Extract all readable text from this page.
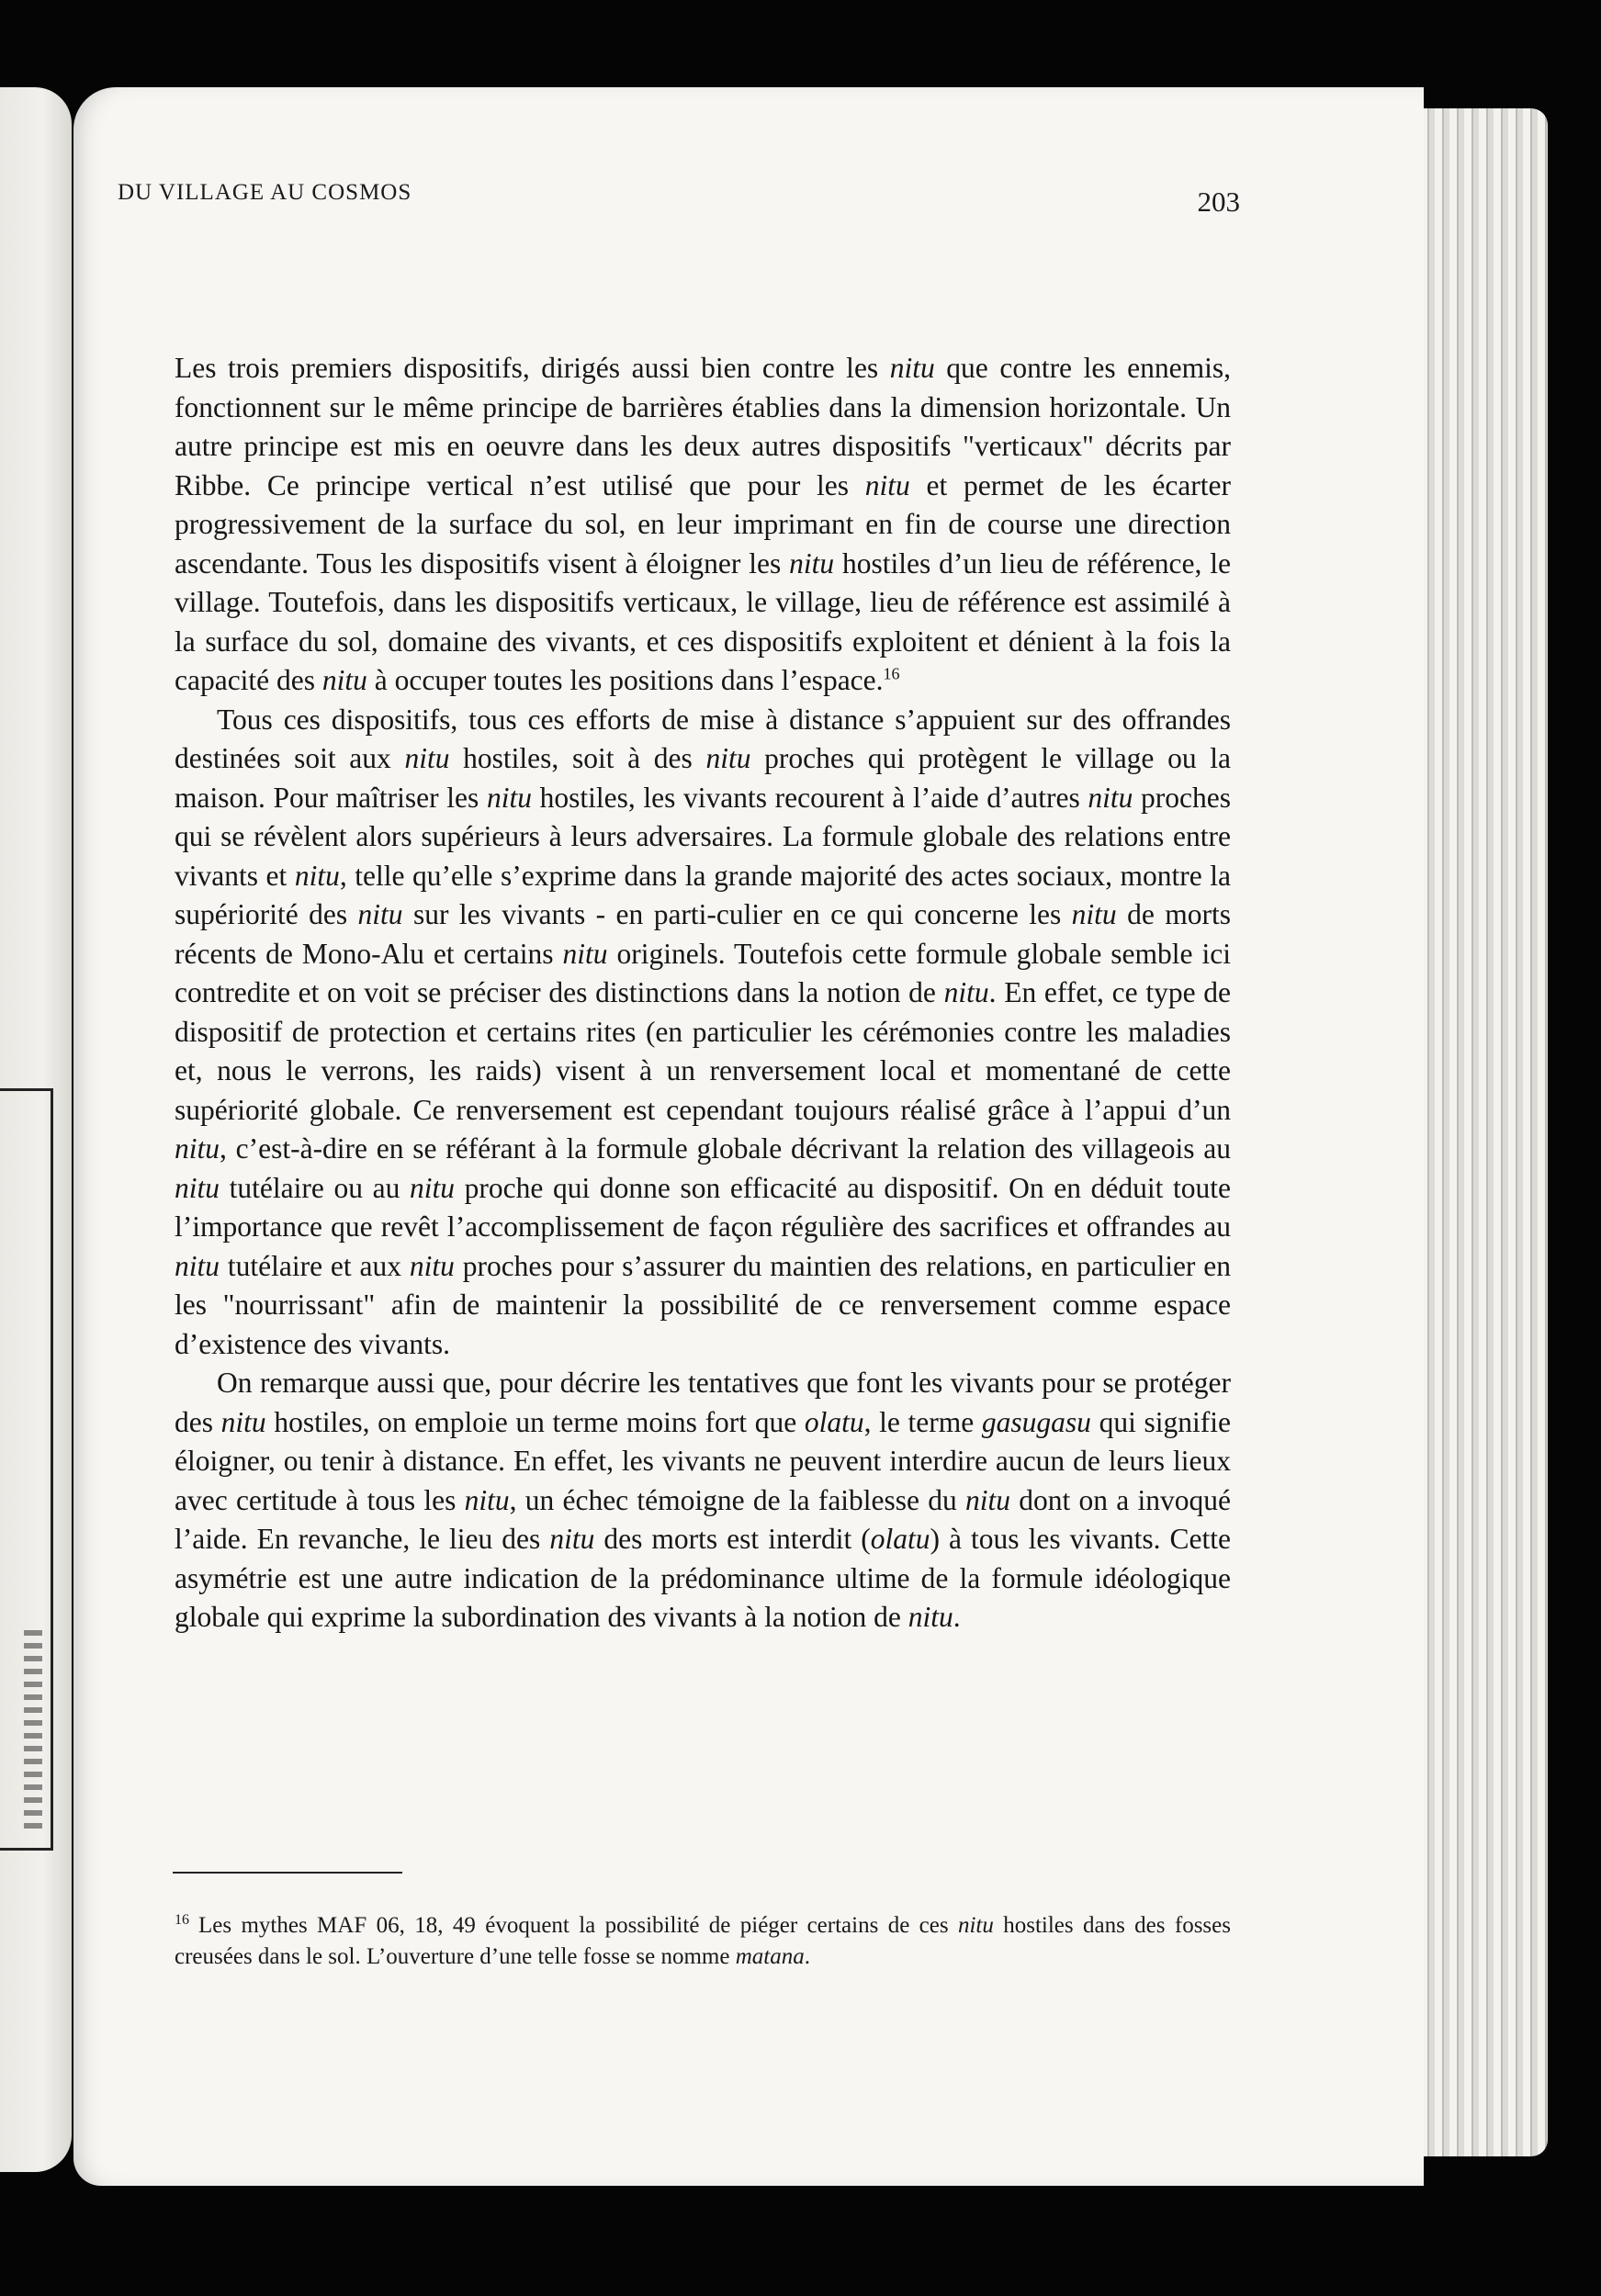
DU VILLAGE AU COSMOS	203

Les trois premiers dispositifs, dirigés aussi bien contre les nitu que contre les ennemis, fonctionnent sur le même principe de barrières établies dans la dimension horizontale. Un autre principe est mis en oeuvre dans les deux autres dispositifs "verticaux" décrits par Ribbe. Ce principe vertical n’est utilisé que pour les nitu et permet de les écarter progressivement de la surface du sol, en leur imprimant en fin de course une direction ascendante. Tous les dispositifs visent à éloigner les nitu hostiles d’un lieu de référence, le village. Toutefois, dans les dispositifs verticaux, le village, lieu de référence est assimilé à la surface du sol, domaine des vivants, et ces dispositifs exploitent et dénient à la fois la capacité des nitu à occuper toutes les positions dans l’espace.$^{16}$

Tous ces dispositifs, tous ces efforts de mise à distance s’appuient sur des offrandes destinées soit aux nitu hostiles, soit à des nitu proches qui protègent le village ou la maison. Pour maîtriser les nitu hostiles, les vivants recourent à l’aide d’autres nitu proches qui se révèlent alors supérieurs à leurs adversaires. La formule globale des relations entre vivants et nitu, telle qu’elle s’exprime dans la grande majorité des actes sociaux, montre la supériorité des nitu sur les vivants - en parti-culier en ce qui concerne les nitu de morts récents de Mono-Alu et certains nitu originels. Toutefois cette formule globale semble ici contredite et on voit se préciser des distinctions dans la notion de nitu. En effet, ce type de dispositif de protection et certains rites (en particulier les cérémonies contre les maladies et, nous le verrons, les raids) visent à un renversement local et momentané de cette supériorité globale. Ce renversement est cependant toujours réalisé grâce à l’appui d’un nitu, c’est-à-dire en se référant à la formule globale décrivant la relation des villageois au nitu tutélaire ou au nitu proche qui donne son efficacité au dispositif. On en déduit toute l’importance que revêt l’accomplissement de façon régulière des sacrifices et offrandes au nitu tutélaire et aux nitu proches pour s’assurer du maintien des relations, en particulier en les "nourrissant" afin de maintenir la possibilité de ce renversement comme espace d’existence des vivants.

On remarque aussi que, pour décrire les tentatives que font les vivants pour se protéger des nitu hostiles, on emploie un terme moins fort que olatu, le terme gasugasu qui signifie éloigner, ou tenir à distance. En effet, les vivants ne peuvent interdire aucun de leurs lieux avec certitude à tous les nitu, un échec témoigne de la faiblesse du nitu dont on a invoqué l’aide. En revanche, le lieu des nitu des morts est interdit (olatu) à tous les vivants. Cette asymétrie est une autre indication de la prédominance ultime de la formule idéologique globale qui exprime la subordination des vivants à la notion de nitu.

$^{16}$ Les mythes MAF 06, 18, 49 évoquent la possibilité de piéger certains de ces nitu hostiles dans des fosses creusées dans le sol. L’ouverture d’une telle fosse se nomme matana.
